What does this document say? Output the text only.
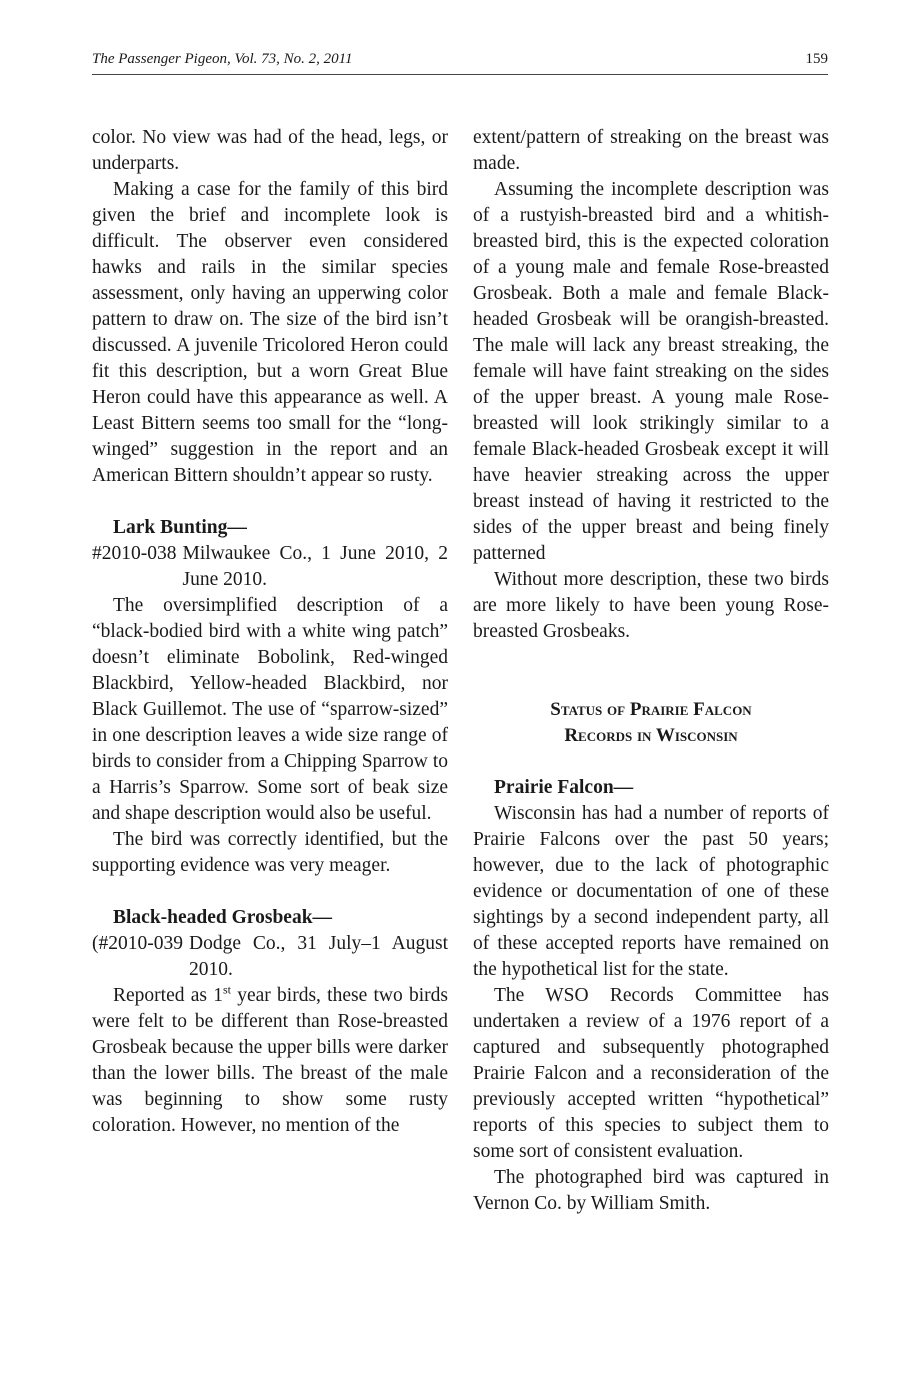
The Passenger Pigeon, Vol. 73, No. 2, 2011	159

color. No view was had of the head, legs, or underparts.

Making a case for the family of this bird given the brief and incomplete look is difficult. The observer even considered hawks and rails in the similar species assessment, only having an upperwing color pattern to draw on. The size of the bird isn’t discussed. A juvenile Tricolored Heron could fit this description, but a worn Great Blue Heron could have this appearance as well. A Least Bittern seems too small for the “long-winged” suggestion in the report and an American Bittern shouldn’t appear so rusty.

Lark Bunting—
#2010-038 Milwaukee Co., 1 June 2010, 2 June 2010.

The oversimplified description of a “black-bodied bird with a white wing patch” doesn’t eliminate Bobolink, Red-winged Blackbird, Yellow-headed Blackbird, nor Black Guillemot. The use of “sparrow-sized” in one description leaves a wide size range of birds to consider from a Chipping Sparrow to a Harris’s Sparrow. Some sort of beak size and shape description would also be useful.

The bird was correctly identified, but the supporting evidence was very meager.

Black-headed Grosbeak—
(#2010-039 Dodge Co., 31 July–1 August 2010.

Reported as 1st year birds, these two birds were felt to be different than Rose-breasted Grosbeak because the upper bills were darker than the lower bills. The breast of the male was beginning to show some rusty coloration. However, no mention of the

extent/pattern of streaking on the breast was made.

Assuming the incomplete description was of a rustyish-breasted bird and a whitish-breasted bird, this is the expected coloration of a young male and female Rose-breasted Grosbeak. Both a male and female Black-headed Grosbeak will be orangish-breasted. The male will lack any breast streaking, the female will have faint streaking on the sides of the upper breast. A young male Rose-breasted will look strikingly similar to a female Black-headed Grosbeak except it will have heavier streaking across the upper breast instead of having it restricted to the sides of the upper breast and being finely patterned

Without more description, these two birds are more likely to have been young Rose-breasted Grosbeaks.

Status of Prairie Falcon
Records in Wisconsin
Prairie Falcon—

Wisconsin has had a number of reports of Prairie Falcons over the past 50 years; however, due to the lack of photographic evidence or documentation of one of these sightings by a second independent party, all of these accepted reports have remained on the hypothetical list for the state.

The WSO Records Committee has undertaken a review of a 1976 report of a captured and subsequently photographed Prairie Falcon and a reconsideration of the previously accepted written “hypothetical” reports of this species to subject them to some sort of consistent evaluation.

The photographed bird was captured in Vernon Co. by William Smith.
